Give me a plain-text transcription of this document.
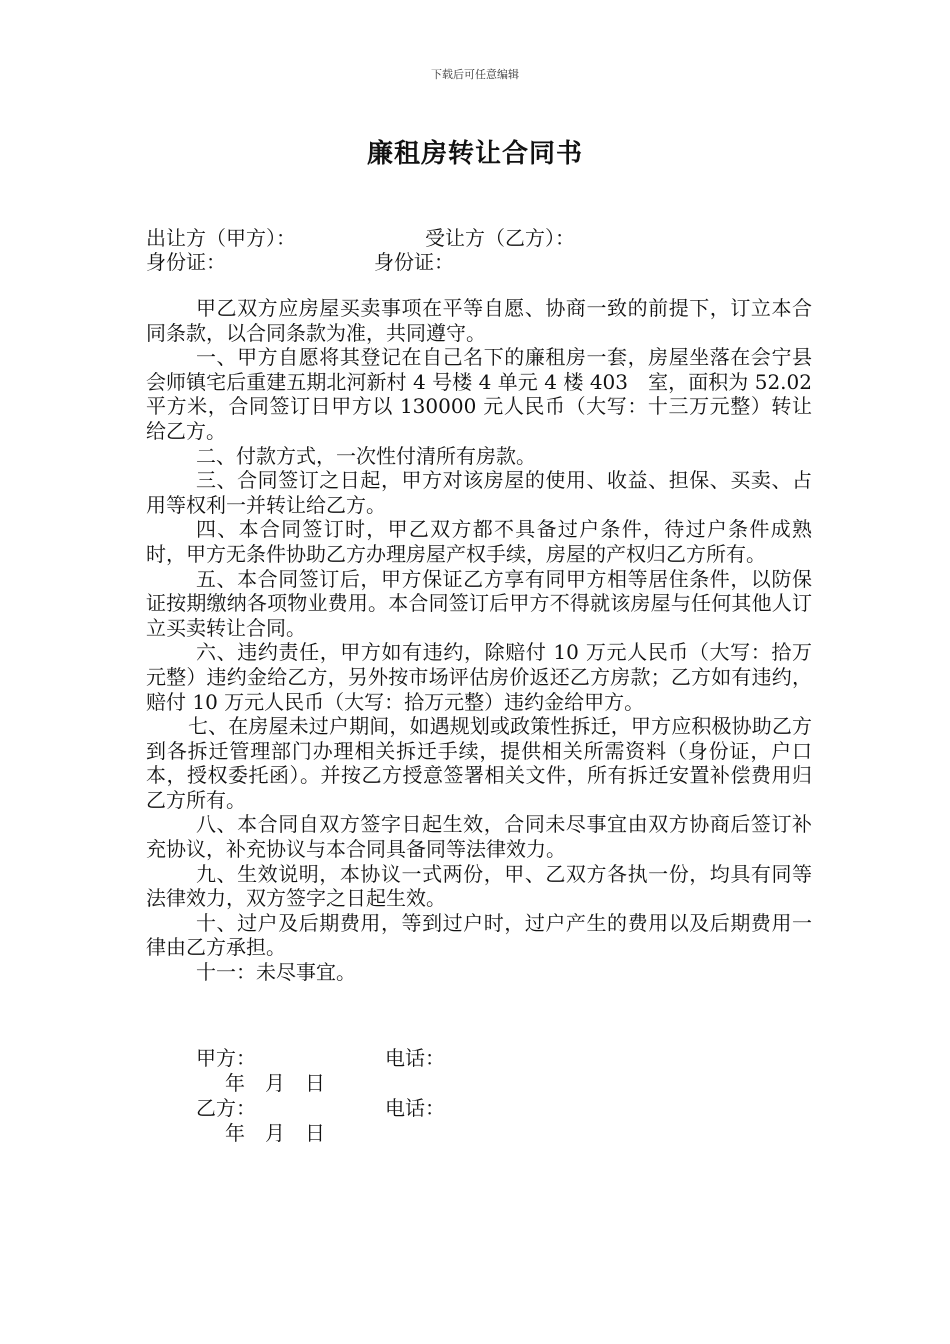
下载后可任意编辑
廉租房转让合同书
出让方（甲方）：	受让方（乙方）：
身份证：	身份证：

甲乙双方应房屋买卖事项在平等自愿、协商一致的前提下，订立本合同条款，以合同条款为准，共同遵守。

一、甲方自愿将其登记在自己名下的廉租房一套，房屋坐落在会宁县会师镇宅后重建五期北河新村 4 号楼 4 单元 4 楼 403　室，面积为 52.02　平方米，合同签订日甲方以 130000 元人民币（大写：十三万元整）转让给乙方。

二、付款方式，一次性付清所有房款。

三、合同签订之日起，甲方对该房屋的使用、收益、担保、买卖、占用等权利一并转让给乙方。

四、本合同签订时，甲乙双方都不具备过户条件，待过户条件成熟时，甲方无条件协助乙方办理房屋产权手续，房屋的产权归乙方所有。

五、本合同签订后，甲方保证乙方享有同甲方相等居住条件，以防保证按期缴纳各项物业费用。本合同签订后甲方不得就该房屋与任何其他人订立买卖转让合同。

六、违约责任，甲方如有违约，除赔付 10 万元人民币（大写：拾万元整）违约金给乙方，另外按市场评估房价返还乙方房款；乙方如有违约，赔付 10 万元人民币（大写：拾万元整）违约金给甲方。

七、在房屋未过户期间，如遇规划或政策性拆迁，甲方应积极协助乙方到各拆迁管理部门办理相关拆迁手续，提供相关所需资料（身份证，户口本，授权委托函）。并按乙方授意签署相关文件，所有拆迁安置补偿费用归乙方所有。

八、本合同自双方签字日起生效，合同未尽事宜由双方协商后签订补充协议，补充协议与本合同具备同等法律效力。

九、生效说明，本协议一式两份，甲、乙双方各执一份，均具有同等法律效力，双方签字之日起生效。

十、过户及后期费用，等到过户时，过户产生的费用以及后期费用一律由乙方承担。

十一：未尽事宜。

甲方：	电话：
年　月　日
乙方：	电话：
年　月　日
